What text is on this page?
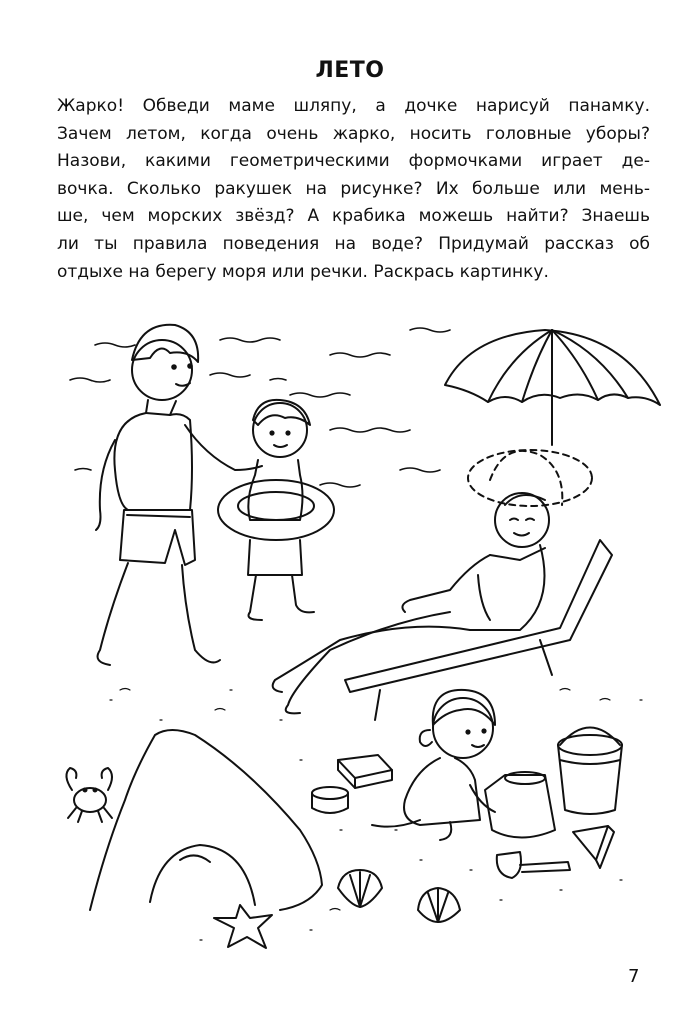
ЛЕТО
Жарко! Обведи маме шляпу, а дочке нарисуй панамку.
Зачем летом, когда очень жарко, носить головные уборы?
Назови, какими геометрическими формочками играет де-
вочка. Сколько ракушек на рисунке? Их больше или мень-
ше, чем морских звёзд? А крабика можешь найти? Знаешь
ли ты правила поведения на воде? Придумай рассказ об
отдыхе на берегу моря или речки. Раскрась картинку.
7
